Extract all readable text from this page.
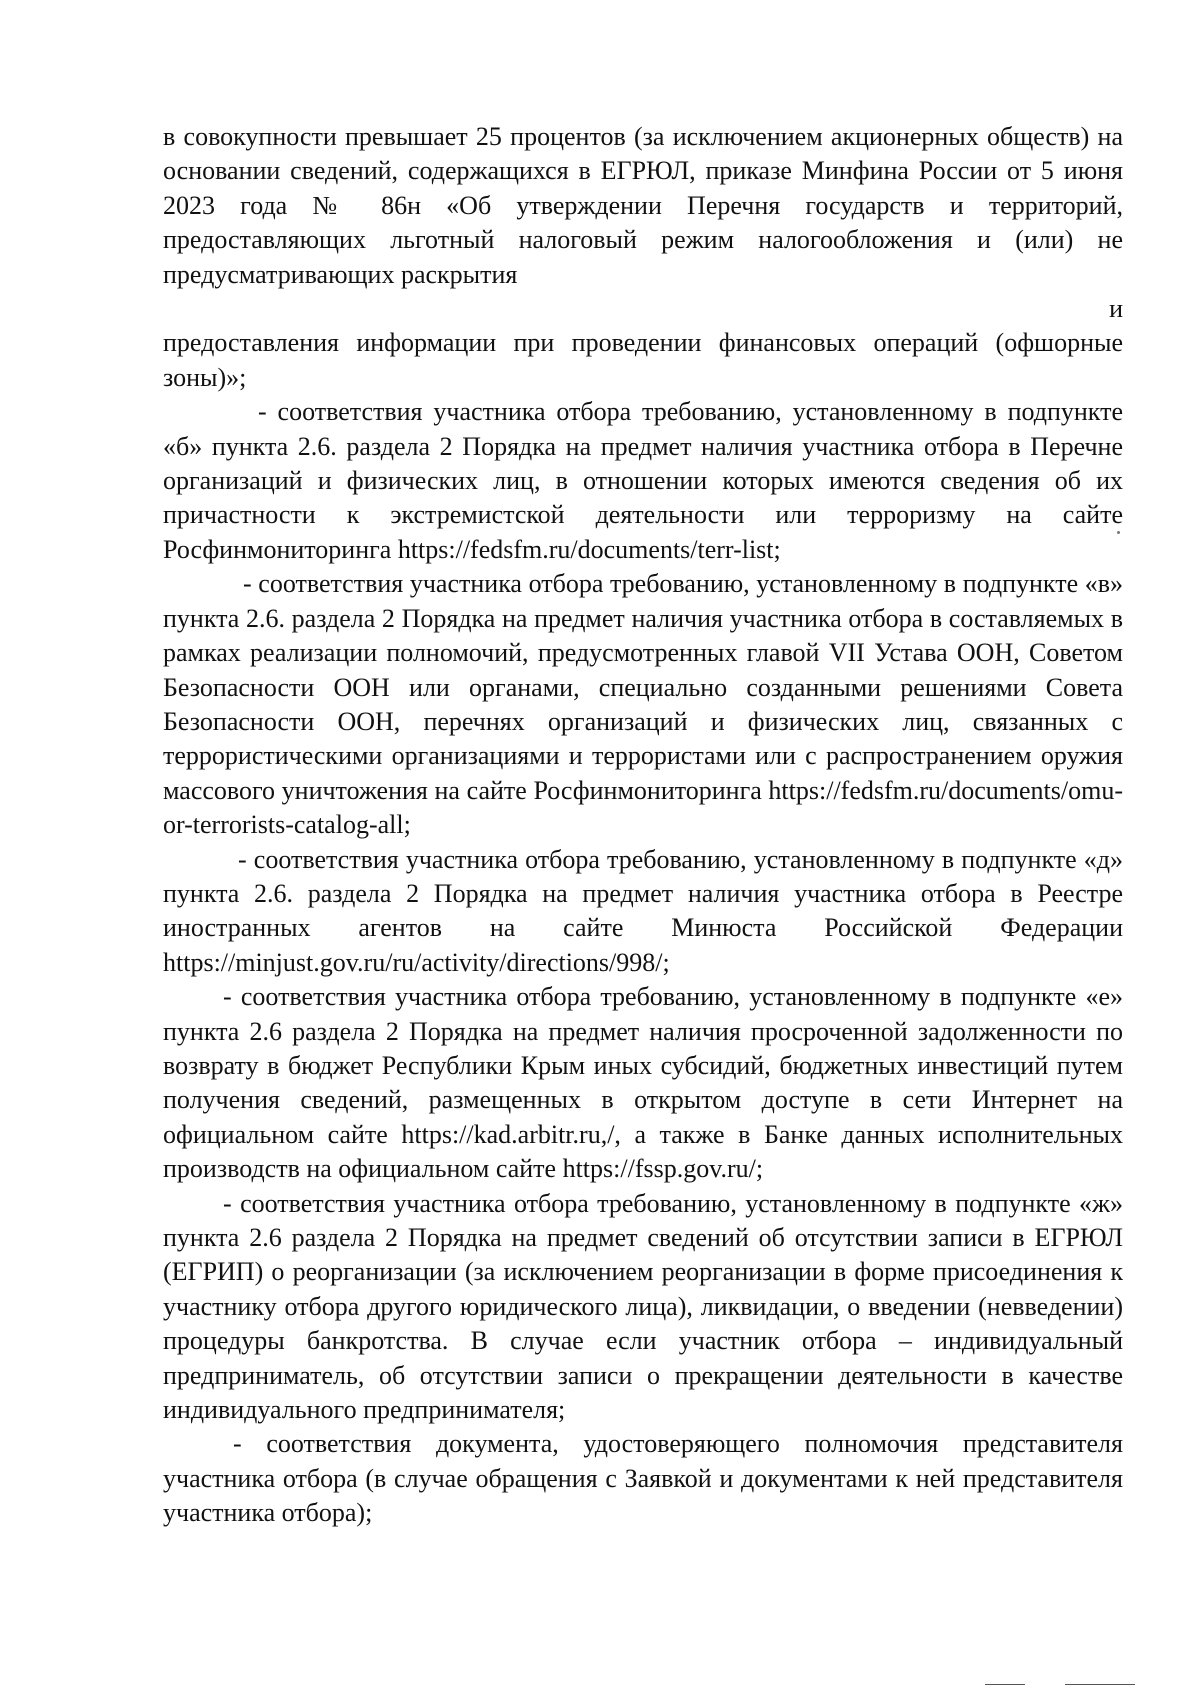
в совокупности превышает 25 процентов (за исключением акционерных обществ) на основании сведений, содержащихся в ЕГРЮЛ, приказе Минфина России от 5 июня 2023 года № 86н «Об утверждении Перечня государств и территорий, предоставляющих льготный налоговый режим налогообложения и (или) не предусматривающих раскрытия

и

предоставления информации при проведении финансовых операций (офшорные зоны)»;

- соответствия участника отбора требованию, установленному в подпункте «б» пункта 2.6. раздела 2 Порядка на предмет наличия участника отбора в Перечне организаций и физических лиц, в отношении которых имеются сведения об их причастности к экстремистской деятельности или терроризму на сайте Росфинмониторинга https://fedsfm.ru/documents/terr-list;

- соответствия участника отбора требованию, установленному в подпункте «в» пункта 2.6. раздела 2 Порядка на предмет наличия участника отбора в составляемых в рамках реализации полномочий, предусмотренных главой VII Устава ООН, Советом Безопасности ООН или органами, специально созданными решениями Совета Безопасности ООН, перечнях организаций и физических лиц, связанных с террористическими организациями и террористами или с распространением оружия массового уничтожения на сайте Росфинмониторинга https://fedsfm.ru/documents/omu-or-terrorists-catalog-all;

- соответствия участника отбора требованию, установленному в подпункте «д» пункта 2.6. раздела 2 Порядка на предмет наличия участника отбора в Реестре иностранных агентов на сайте Минюста Российской Федерации https://minjust.gov.ru/ru/activity/directions/998/;

- соответствия участника отбора требованию, установленному в подпункте «е» пункта 2.6 раздела 2 Порядка на предмет наличия просроченной задолженности по возврату в бюджет Республики Крым иных субсидий, бюджетных инвестиций путем получения сведений, размещенных в открытом доступе в сети Интернет на официальном сайте https://kad.arbitr.ru,/, а также в Банке данных исполнительных производств на официальном сайте https://fssp.gov.ru/;

- соответствия участника отбора требованию, установленному в подпункте «ж» пункта 2.6 раздела 2 Порядка на предмет сведений об отсутствии записи в ЕГРЮЛ (ЕГРИП) о реорганизации (за исключением реорганизации в форме присоединения к участнику отбора другого юридического лица), ликвидации, о введении (невведении) процедуры банкротства. В случае если участник отбора – индивидуальный предприниматель, об отсутствии записи о прекращении деятельности в качестве индивидуального предпринимателя;

- соответствия документа, удостоверяющего полномочия представителя участника отбора (в случае обращения с Заявкой и документами к ней представителя участника отбора);
